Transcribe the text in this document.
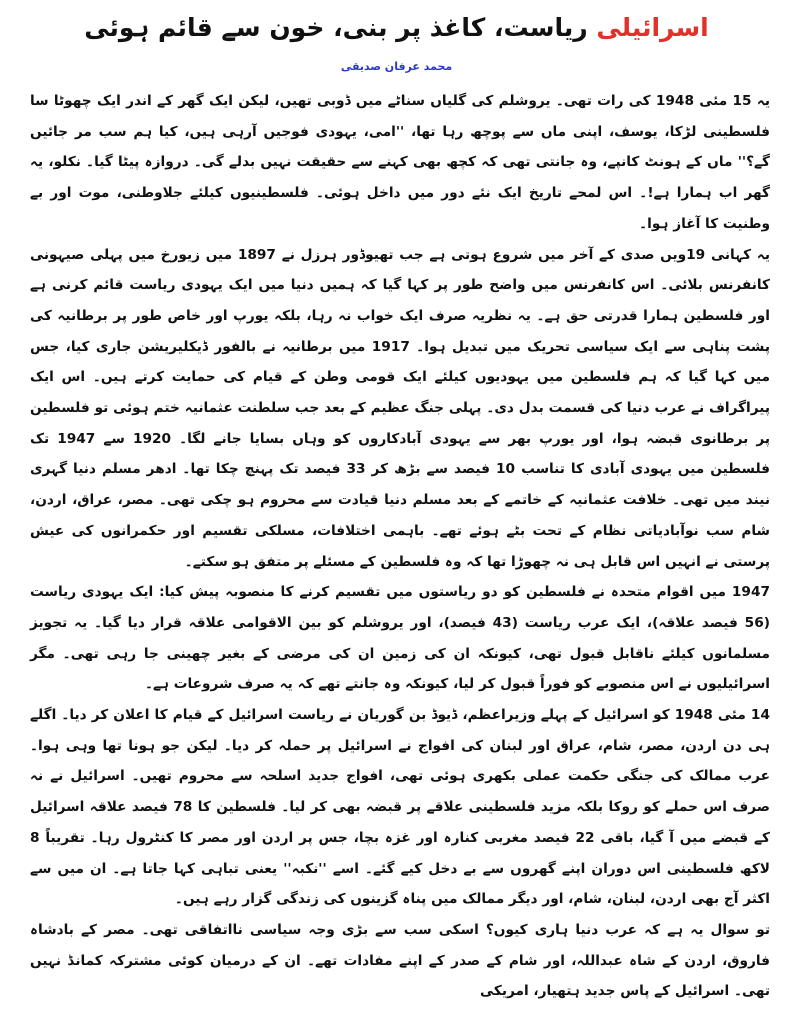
اسرائیلی ریاست، کاغذ پر بنی، خون سے قائم ہوئی
محمد عرفان صدیقی

یہ 15 مئی 1948 کی رات تھی۔ یروشلم کی گلیاں سناٹے میں ڈوبی تھیں، لیکن ایک گھر کے اندر ایک چھوٹا سا فلسطینی لڑکا، یوسف، اپنی ماں سے پوچھ رہا تھا، ''امی، یہودی فوجیں آرہی ہیں، کیا ہم سب مر جائیں گے؟'' ماں کے ہونٹ کانپے، وہ جانتی تھی کہ کچھ بھی کہنے سے حقیقت نہیں بدلے گی۔ دروازہ پیٹا گیا۔ نکلو، یہ گھر اب ہمارا ہے!۔ اس لمحے تاریخ ایک نئے دور میں داخل ہوئی۔ فلسطینیوں کیلئے جلاوطنی، موت اور بے وطنیت کا آغاز ہوا۔

یہ کہانی 19ویں صدی کے آخر میں شروع ہوتی ہے جب تھیوڈور ہرزل نے 1897 میں زیورخ میں پہلی صیہونی کانفرنس بلائی۔ اس کانفرنس میں واضح طور پر کہا گیا کہ ہمیں دنیا میں ایک یہودی ریاست قائم کرنی ہے اور فلسطین ہمارا قدرتی حق ہے۔ یہ نظریہ صرف ایک خواب نہ رہا، بلکہ یورپ اور خاص طور پر برطانیہ کی پشت پناہی سے ایک سیاسی تحریک میں تبدیل ہوا۔ 1917 میں برطانیہ نے بالفور ڈیکلیریشن جاری کیا، جس میں کہا گیا کہ ہم فلسطین میں یہودیوں کیلئے ایک قومی وطن کے قیام کی حمایت کرتے ہیں۔ اس ایک پیراگراف نے عرب دنیا کی قسمت بدل دی۔ پہلی جنگ عظیم کے بعد جب سلطنت عثمانیہ ختم ہوئی تو فلسطین پر برطانوی قبضہ ہوا، اور یورپ بھر سے یہودی آبادکاروں کو وہاں بسایا جانے لگا۔ 1920 سے 1947 تک فلسطین میں یہودی آبادی کا تناسب 10 فیصد سے بڑھ کر 33 فیصد تک پہنچ چکا تھا۔ ادھر مسلم دنیا گہری نیند میں تھی۔ خلافت عثمانیہ کے خاتمے کے بعد مسلم دنیا قیادت سے محروم ہو چکی تھی۔ مصر، عراق، اردن، شام سب نوآبادیاتی نظام کے تحت بٹے ہوئے تھے۔ باہمی اختلافات، مسلکی تقسیم اور حکمرانوں کی عیش پرستی نے انہیں اس قابل ہی نہ چھوڑا تھا کہ وہ فلسطین کے مسئلے پر متفق ہو سکتے۔

1947 میں اقوام متحدہ نے فلسطین کو دو ریاستوں میں تقسیم کرنے کا منصوبہ پیش کیا: ایک یہودی ریاست (56 فیصد علاقہ)، ایک عرب ریاست (43 فیصد)، اور یروشلم کو بین الاقوامی علاقہ قرار دیا گیا۔ یہ تجویز مسلمانوں کیلئے ناقابل قبول تھی، کیونکہ ان کی زمین ان کی مرضی کے بغیر چھینی جا رہی تھی۔ مگر اسرائیلیوں نے اس منصوبے کو فوراً قبول کر لیا، کیونکہ وہ جانتے تھے کہ یہ صرف شروعات ہے۔

14 مئی 1948 کو اسرائیل کے پہلے وزیراعظم، ڈیوڈ بن گوریان نے ریاست اسرائیل کے قیام کا اعلان کر دیا۔ اگلے ہی دن اردن، مصر، شام، عراق اور لبنان کی افواج نے اسرائیل پر حملہ کر دیا۔ لیکن جو ہونا تھا وہی ہوا۔ عرب ممالک کی جنگی حکمت عملی بکھری ہوئی تھی، افواج جدید اسلحہ سے محروم تھیں۔ اسرائیل نے نہ صرف اس حملے کو روکا بلکہ مزید فلسطینی علاقے پر قبضہ بھی کر لیا۔ فلسطین کا 78 فیصد علاقہ اسرائیل کے قبضے میں آ گیا، باقی 22 فیصد مغربی کنارہ اور غزہ بچا، جس پر اردن اور مصر کا کنٹرول رہا۔ تقریباً 8 لاکھ فلسطینی اس دوران اپنے گھروں سے بے دخل کیے گئے۔ اسے ''نکبہ'' یعنی تباہی کہا جاتا ہے۔ ان میں سے اکثر آج بھی اردن، لبنان، شام، اور دیگر ممالک میں پناہ گزینوں کی زندگی گزار رہے ہیں۔

تو سوال یہ ہے کہ عرب دنیا ہاری کیوں؟ اسکی سب سے بڑی وجہ سیاسی نااتفاقی تھی۔ مصر کے بادشاہ فاروق، اردن کے شاہ عبداللہ، اور شام کے صدر کے اپنے مفادات تھے۔ ان کے درمیان کوئی مشترکہ کمانڈ نہیں تھی۔ اسرائیل کے پاس جدید ہتھیار، امریکی
